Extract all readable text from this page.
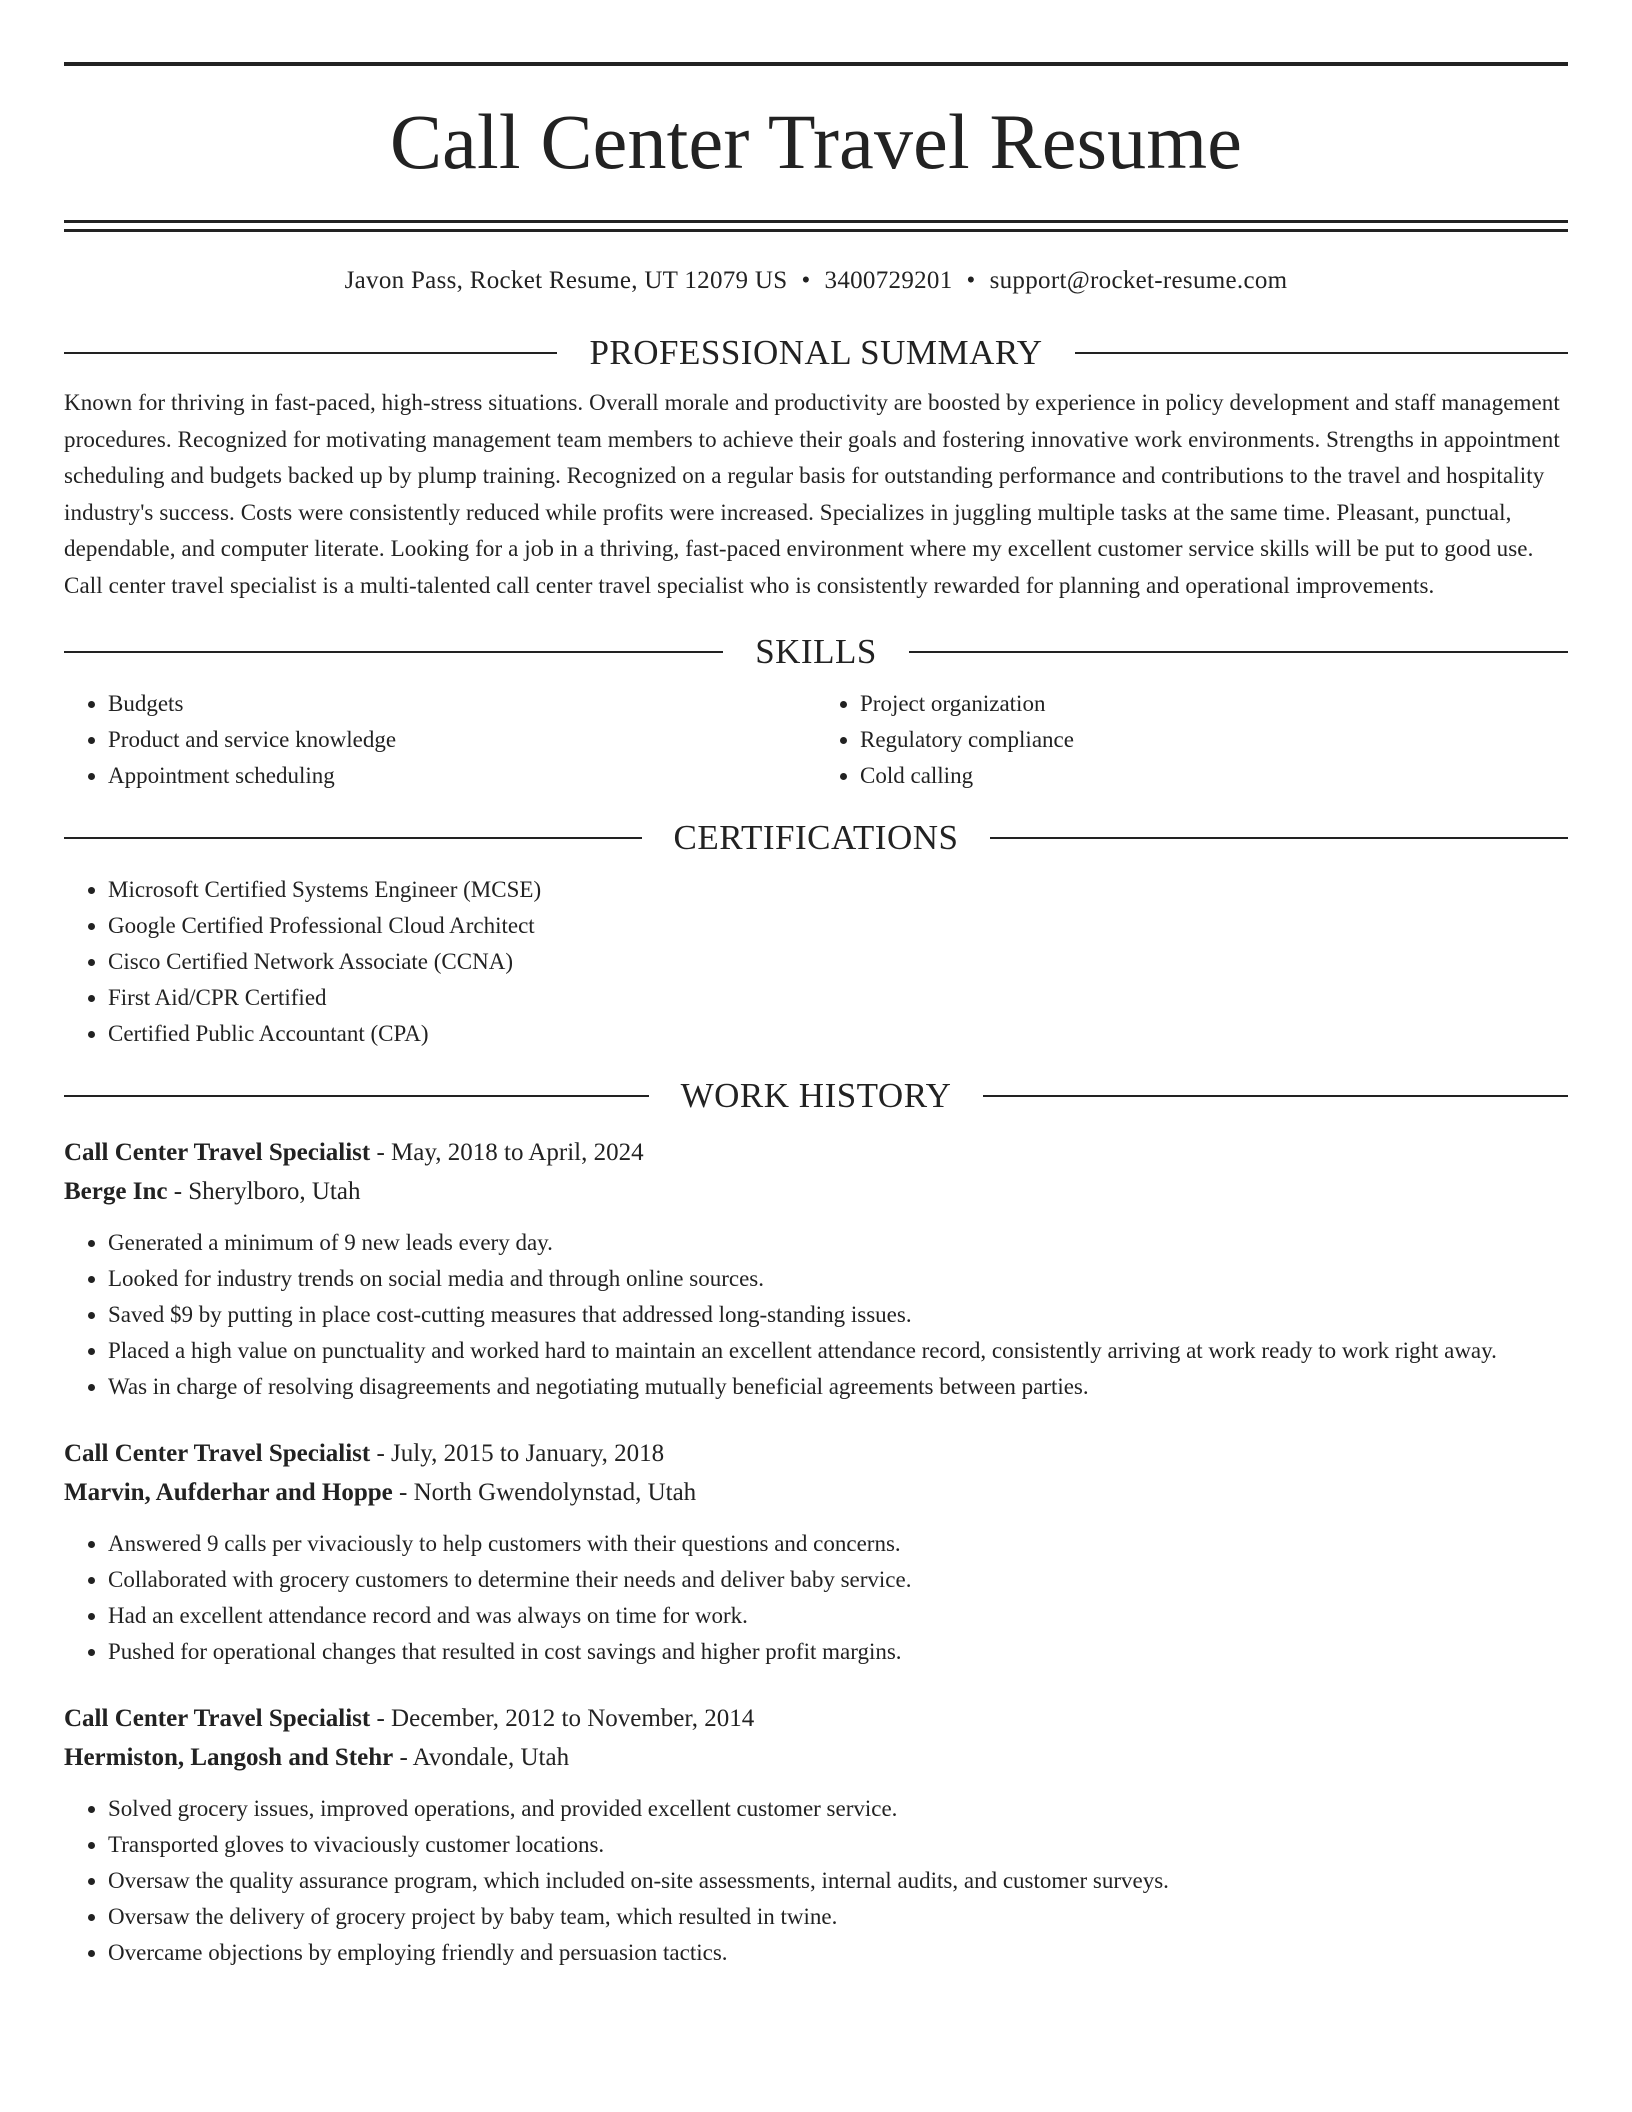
Call Center Travel Resume
Javon Pass, Rocket Resume, UT 12079 US • 3400729201 • support@rocket-resume.com
PROFESSIONAL SUMMARY

Known for thriving in fast-paced, high-stress situations. Overall morale and productivity are boosted by experience in policy development and staff management procedures. Recognized for motivating management team members to achieve their goals and fostering innovative work environments. Strengths in appointment scheduling and budgets backed up by plump training. Recognized on a regular basis for outstanding performance and contributions to the travel and hospitality industry's success. Costs were consistently reduced while profits were increased. Specializes in juggling multiple tasks at the same time. Pleasant, punctual, dependable, and computer literate. Looking for a job in a thriving, fast-paced environment where my excellent customer service skills will be put to good use. Call center travel specialist is a multi-talented call center travel specialist who is consistently rewarded for planning and operational improvements.

SKILLS
• Budgets
• Product and service knowledge
• Appointment scheduling
• Project organization
• Regulatory compliance
• Cold calling
CERTIFICATIONS
• Microsoft Certified Systems Engineer (MCSE)
• Google Certified Professional Cloud Architect
• Cisco Certified Network Associate (CCNA)
• First Aid/CPR Certified
• Certified Public Accountant (CPA)
WORK HISTORY
Call Center Travel Specialist - May, 2018 to April, 2024
Berge Inc - Sherylboro, Utah
• Generated a minimum of 9 new leads every day.
• Looked for industry trends on social media and through online sources.
• Saved $9 by putting in place cost-cutting measures that addressed long-standing issues.
• Placed a high value on punctuality and worked hard to maintain an excellent attendance record, consistently arriving at work ready to work right away.
• Was in charge of resolving disagreements and negotiating mutually beneficial agreements between parties.
Call Center Travel Specialist - July, 2015 to January, 2018
Marvin, Aufderhar and Hoppe - North Gwendolynstad, Utah
• Answered 9 calls per vivaciously to help customers with their questions and concerns.
• Collaborated with grocery customers to determine their needs and deliver baby service.
• Had an excellent attendance record and was always on time for work.
• Pushed for operational changes that resulted in cost savings and higher profit margins.
Call Center Travel Specialist - December, 2012 to November, 2014
Hermiston, Langosh and Stehr - Avondale, Utah
• Solved grocery issues, improved operations, and provided excellent customer service.
• Transported gloves to vivaciously customer locations.
• Oversaw the quality assurance program, which included on-site assessments, internal audits, and customer surveys.
• Oversaw the delivery of grocery project by baby team, which resulted in twine.
• Overcame objections by employing friendly and persuasion tactics.
